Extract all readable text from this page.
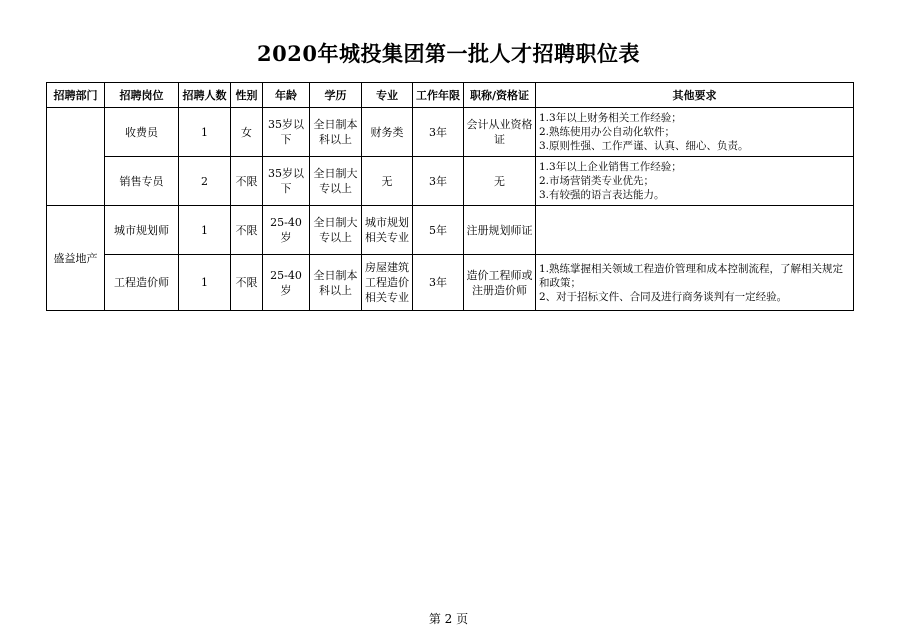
2020年城投集团第一批人才招聘职位表
招聘部门	招聘岗位	招聘人数	性别	年龄	学历	专业	工作年限	职称/资格证	其他要求
	收费员	1	女	35岁以下	全日制本科以上	财务类	3年	会计从业资格证	1.3年以上财务相关工作经验；
2.熟练使用办公自动化软件；
3.原则性强、工作严谨、认真、细心、负责。

	销售专员	2	不限	35岁以下	全日制大专以上	无	3年	无	1.3年以上企业销售工作经验；
2.市场营销类专业优先；
3.有较强的语言表达能力。

盛益地产	城市规划师	1	不限	25-40岁	全日制大专以上	城市规划相关专业	5年	注册规划师证	
	工程造价师	1	不限	25-40岁	全日制本科以上	房屋建筑工程造价相关专业	3年	造价工程师或注册造价师	1.熟练掌握相关领域工程造价管理和成本控制流程，了解相关规定和政策；
2、对于招标文件、合同及进行商务谈判有一定经验。
第 2 页
